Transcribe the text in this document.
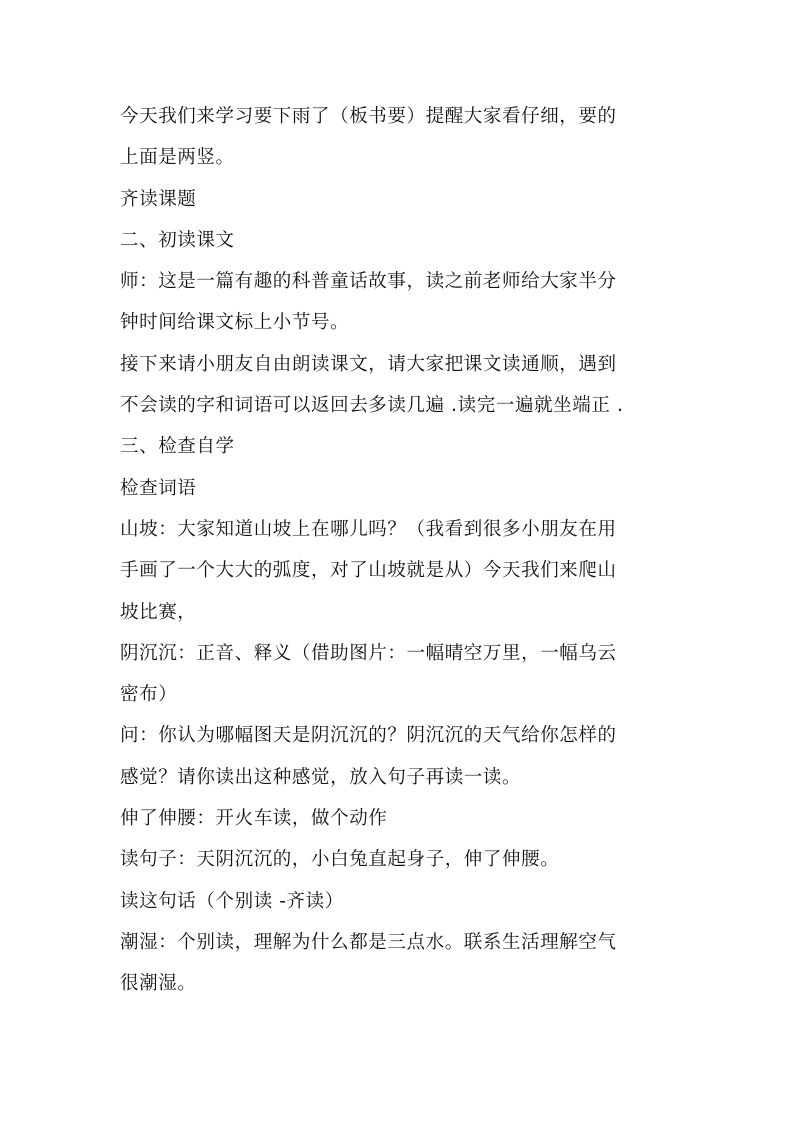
今天我们来学习要下雨了（板书要）提醒大家看仔细，要的
上面是两竖。
齐读课题
二、初读课文
师：这是一篇有趣的科普童话故事，读之前老师给大家半分
钟时间给课文标上小节号。
接下来请小朋友自由朗读课文，请大家把课文读通顺，遇到
不会读的字和词语可以返回去多读几遍 .读完一遍就坐端正 .
三、检查自学
检查词语
山坡：大家知道山坡上在哪儿吗？（我看到很多小朋友在用
手画了一个大大的弧度，对了山坡就是从）今天我们来爬山
坡比赛，
阴沉沉：正音、释义（借助图片：一幅晴空万里，一幅乌云
密布）
问：你认为哪幅图天是阴沉沉的？阴沉沉的天气给你怎样的
感觉？请你读出这种感觉，放入句子再读一读。
伸了伸腰：开火车读，做个动作
读句子：天阴沉沉的，小白兔直起身子，伸了伸腰。
读这句话（个别读 -齐读）
潮湿：个别读，理解为什么都是三点水。联系生活理解空气
很潮湿。
